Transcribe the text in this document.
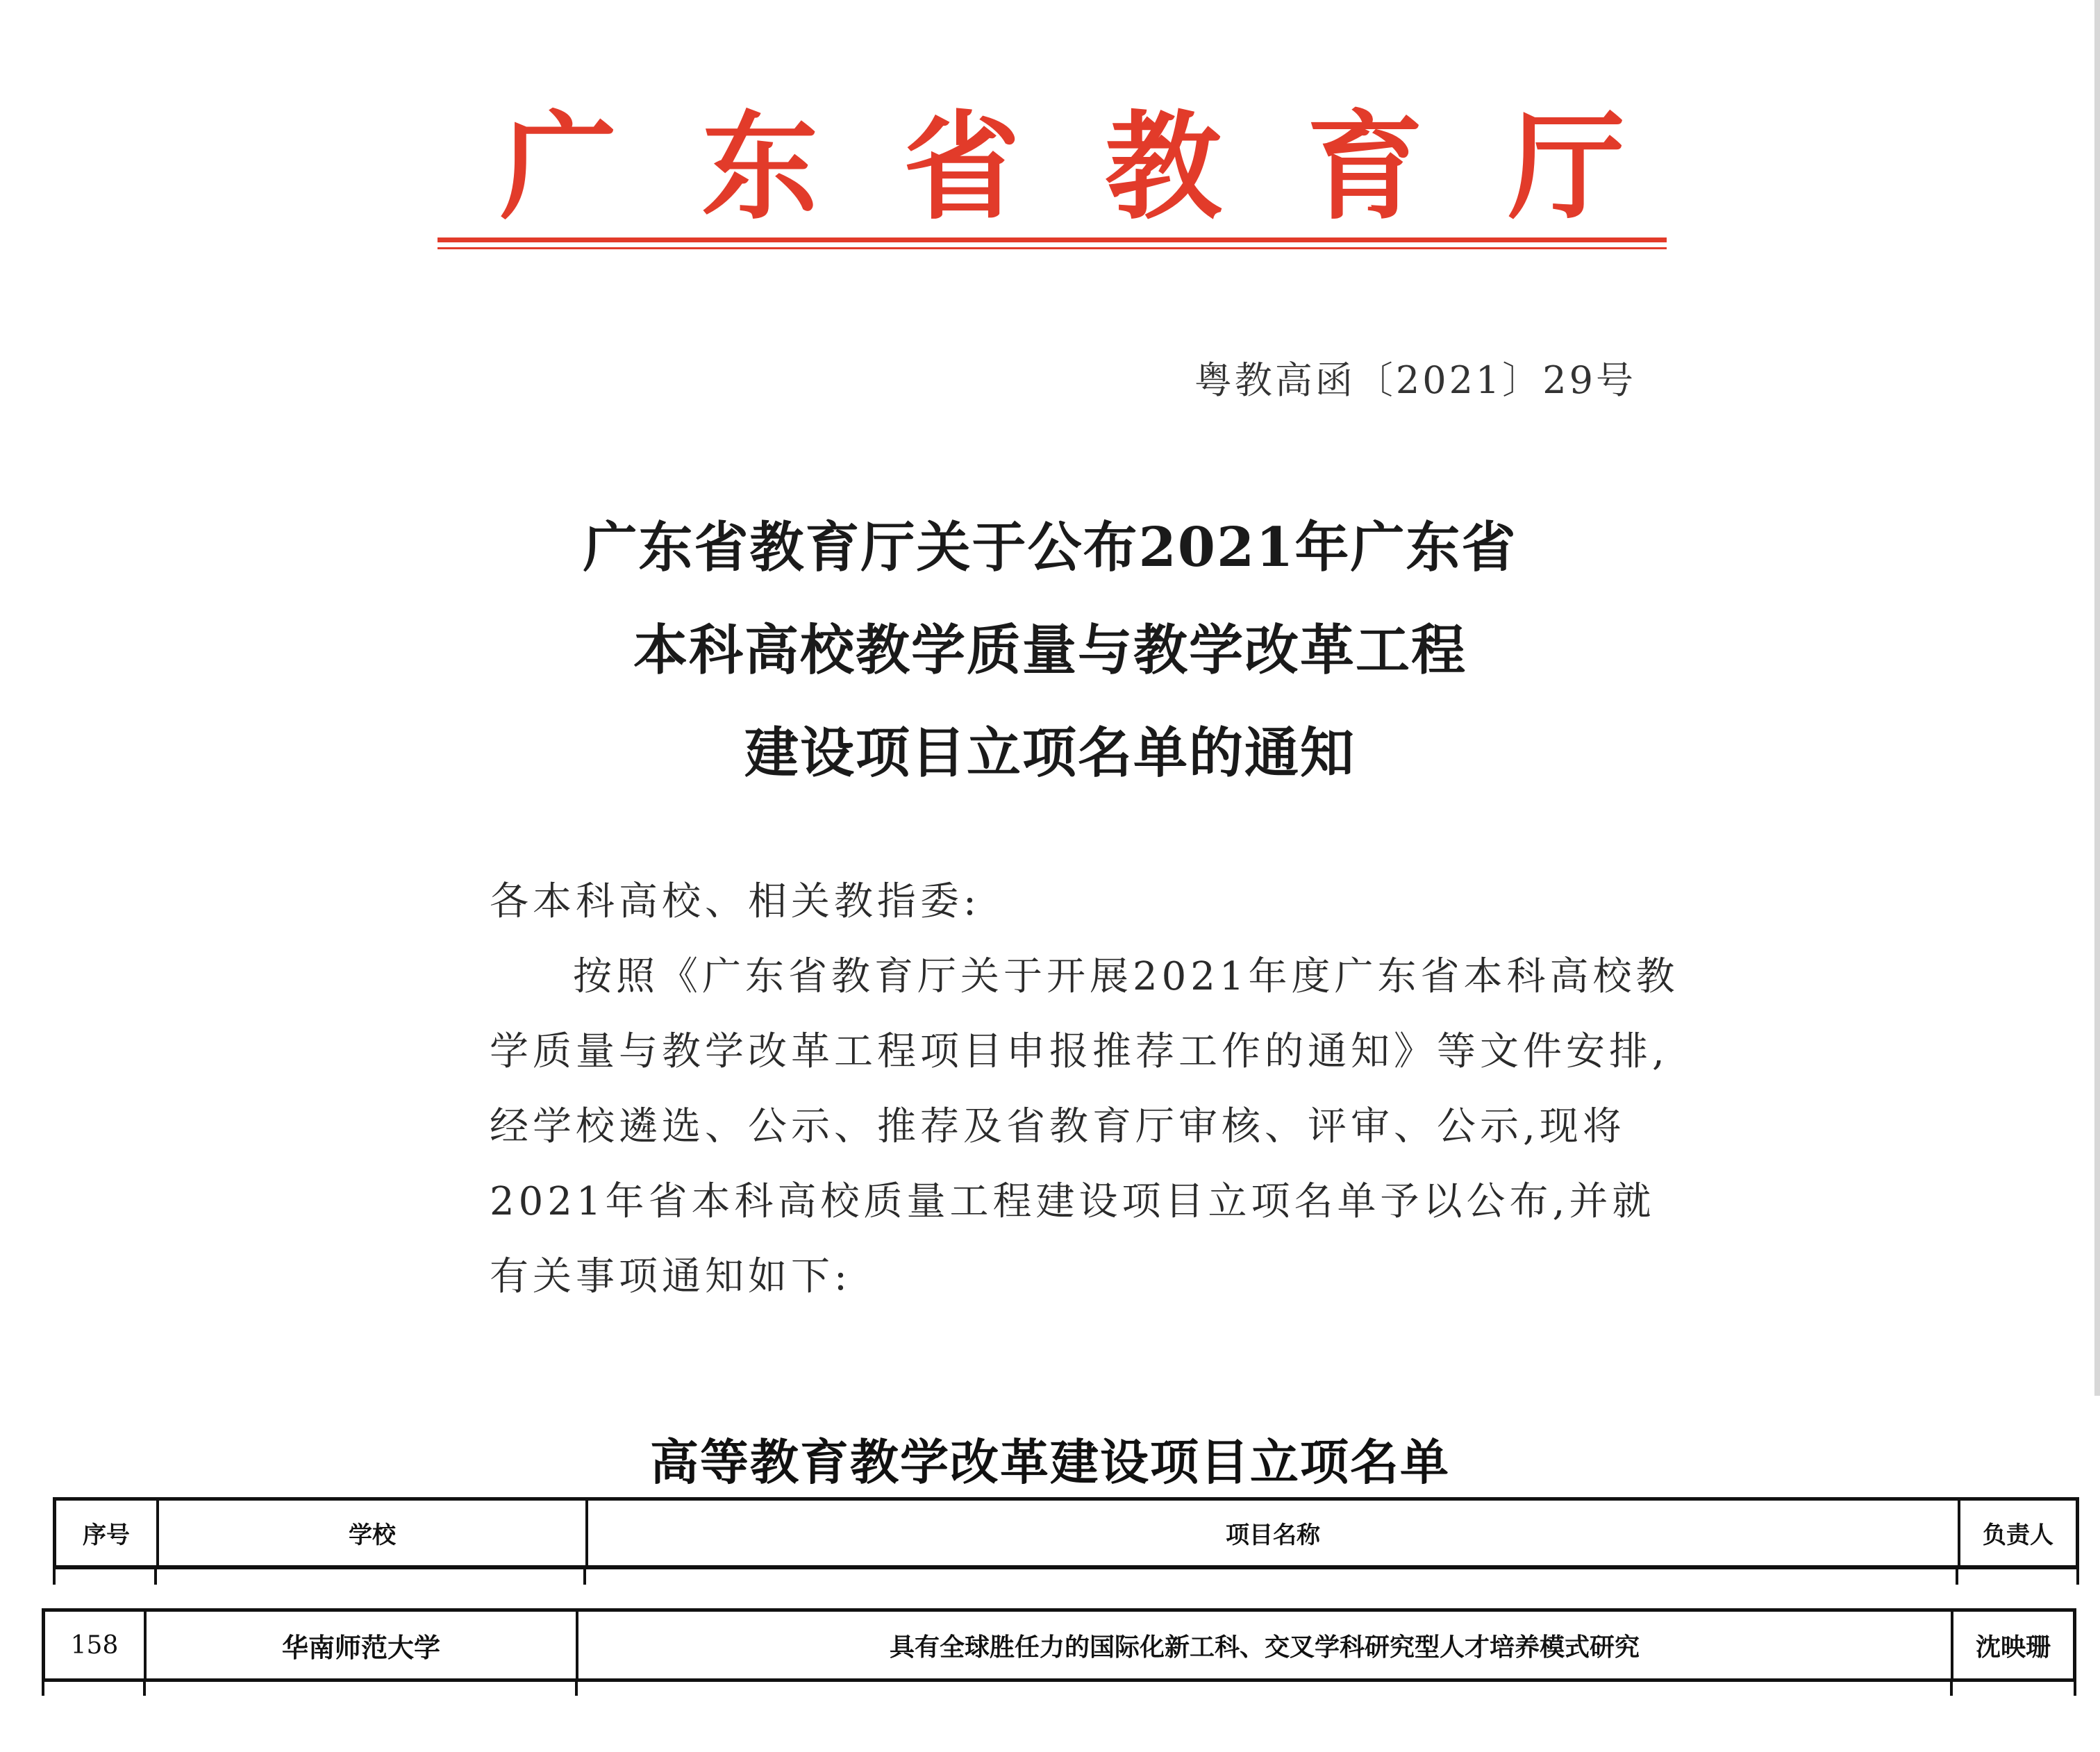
广 东 省 教 育 厅
粤教高函〔2021〕29号
广东省教育厅关于公布2021年广东省
本科高校教学质量与教学改革工程
建设项目立项名单的通知
各本科高校、相关教指委:
按照《广东省教育厅关于开展2021年度广东省本科高校教
学质量与教学改革工程项目申报推荐工作的通知》等文件安排,
经学校遴选、公示、推荐及省教育厅审核、评审、公示,现将
2021年省本科高校质量工程建设项目立项名单予以公布,并就
有关事项通知如下:
高等教育教学改革建设项目立项名单
序号	学校	项目名称	负责人
158	华南师范大学	具有全球胜任力的国际化新工科、交叉学科研究型人才培养模式研究	沈映珊
